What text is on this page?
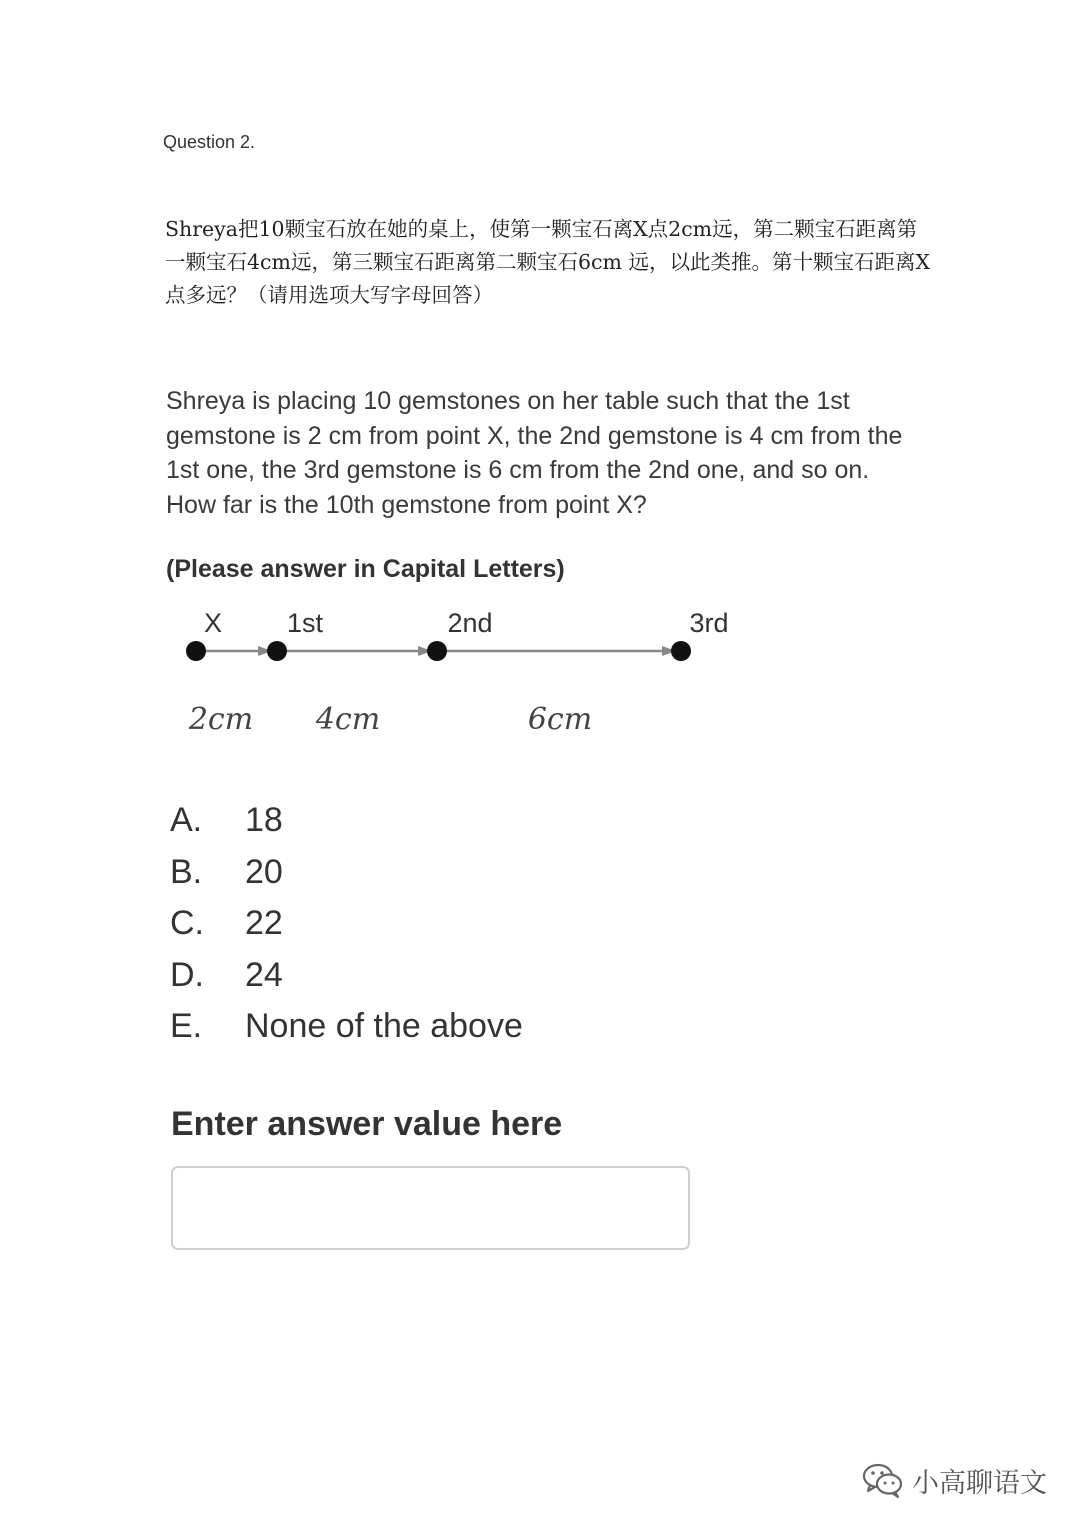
Question 2.
Shreya把10颗宝石放在她的桌上，使第一颗宝石离X点2cm远，第二颗宝石距离第一颗宝石4cm远，第三颗宝石距离第二颗宝石6cm 远，以此类推。第十颗宝石距离X点多远？（请用选项大写字母回答）
Shreya is placing 10 gemstones on her table such that the 1st gemstone is 2 cm from point X, the 2nd gemstone is 4 cm from the 1st one, the 3rd gemstone is 6 cm from the 2nd one, and so on. How far is the 10th gemstone from point X?
(Please answer in Capital Letters)
X 1st	2nd	3rd
2cm 4cm	6cm
A.	18
B.	20
C.	22
D.	24
E.	None of the above
Enter answer value here
小高聊语文
